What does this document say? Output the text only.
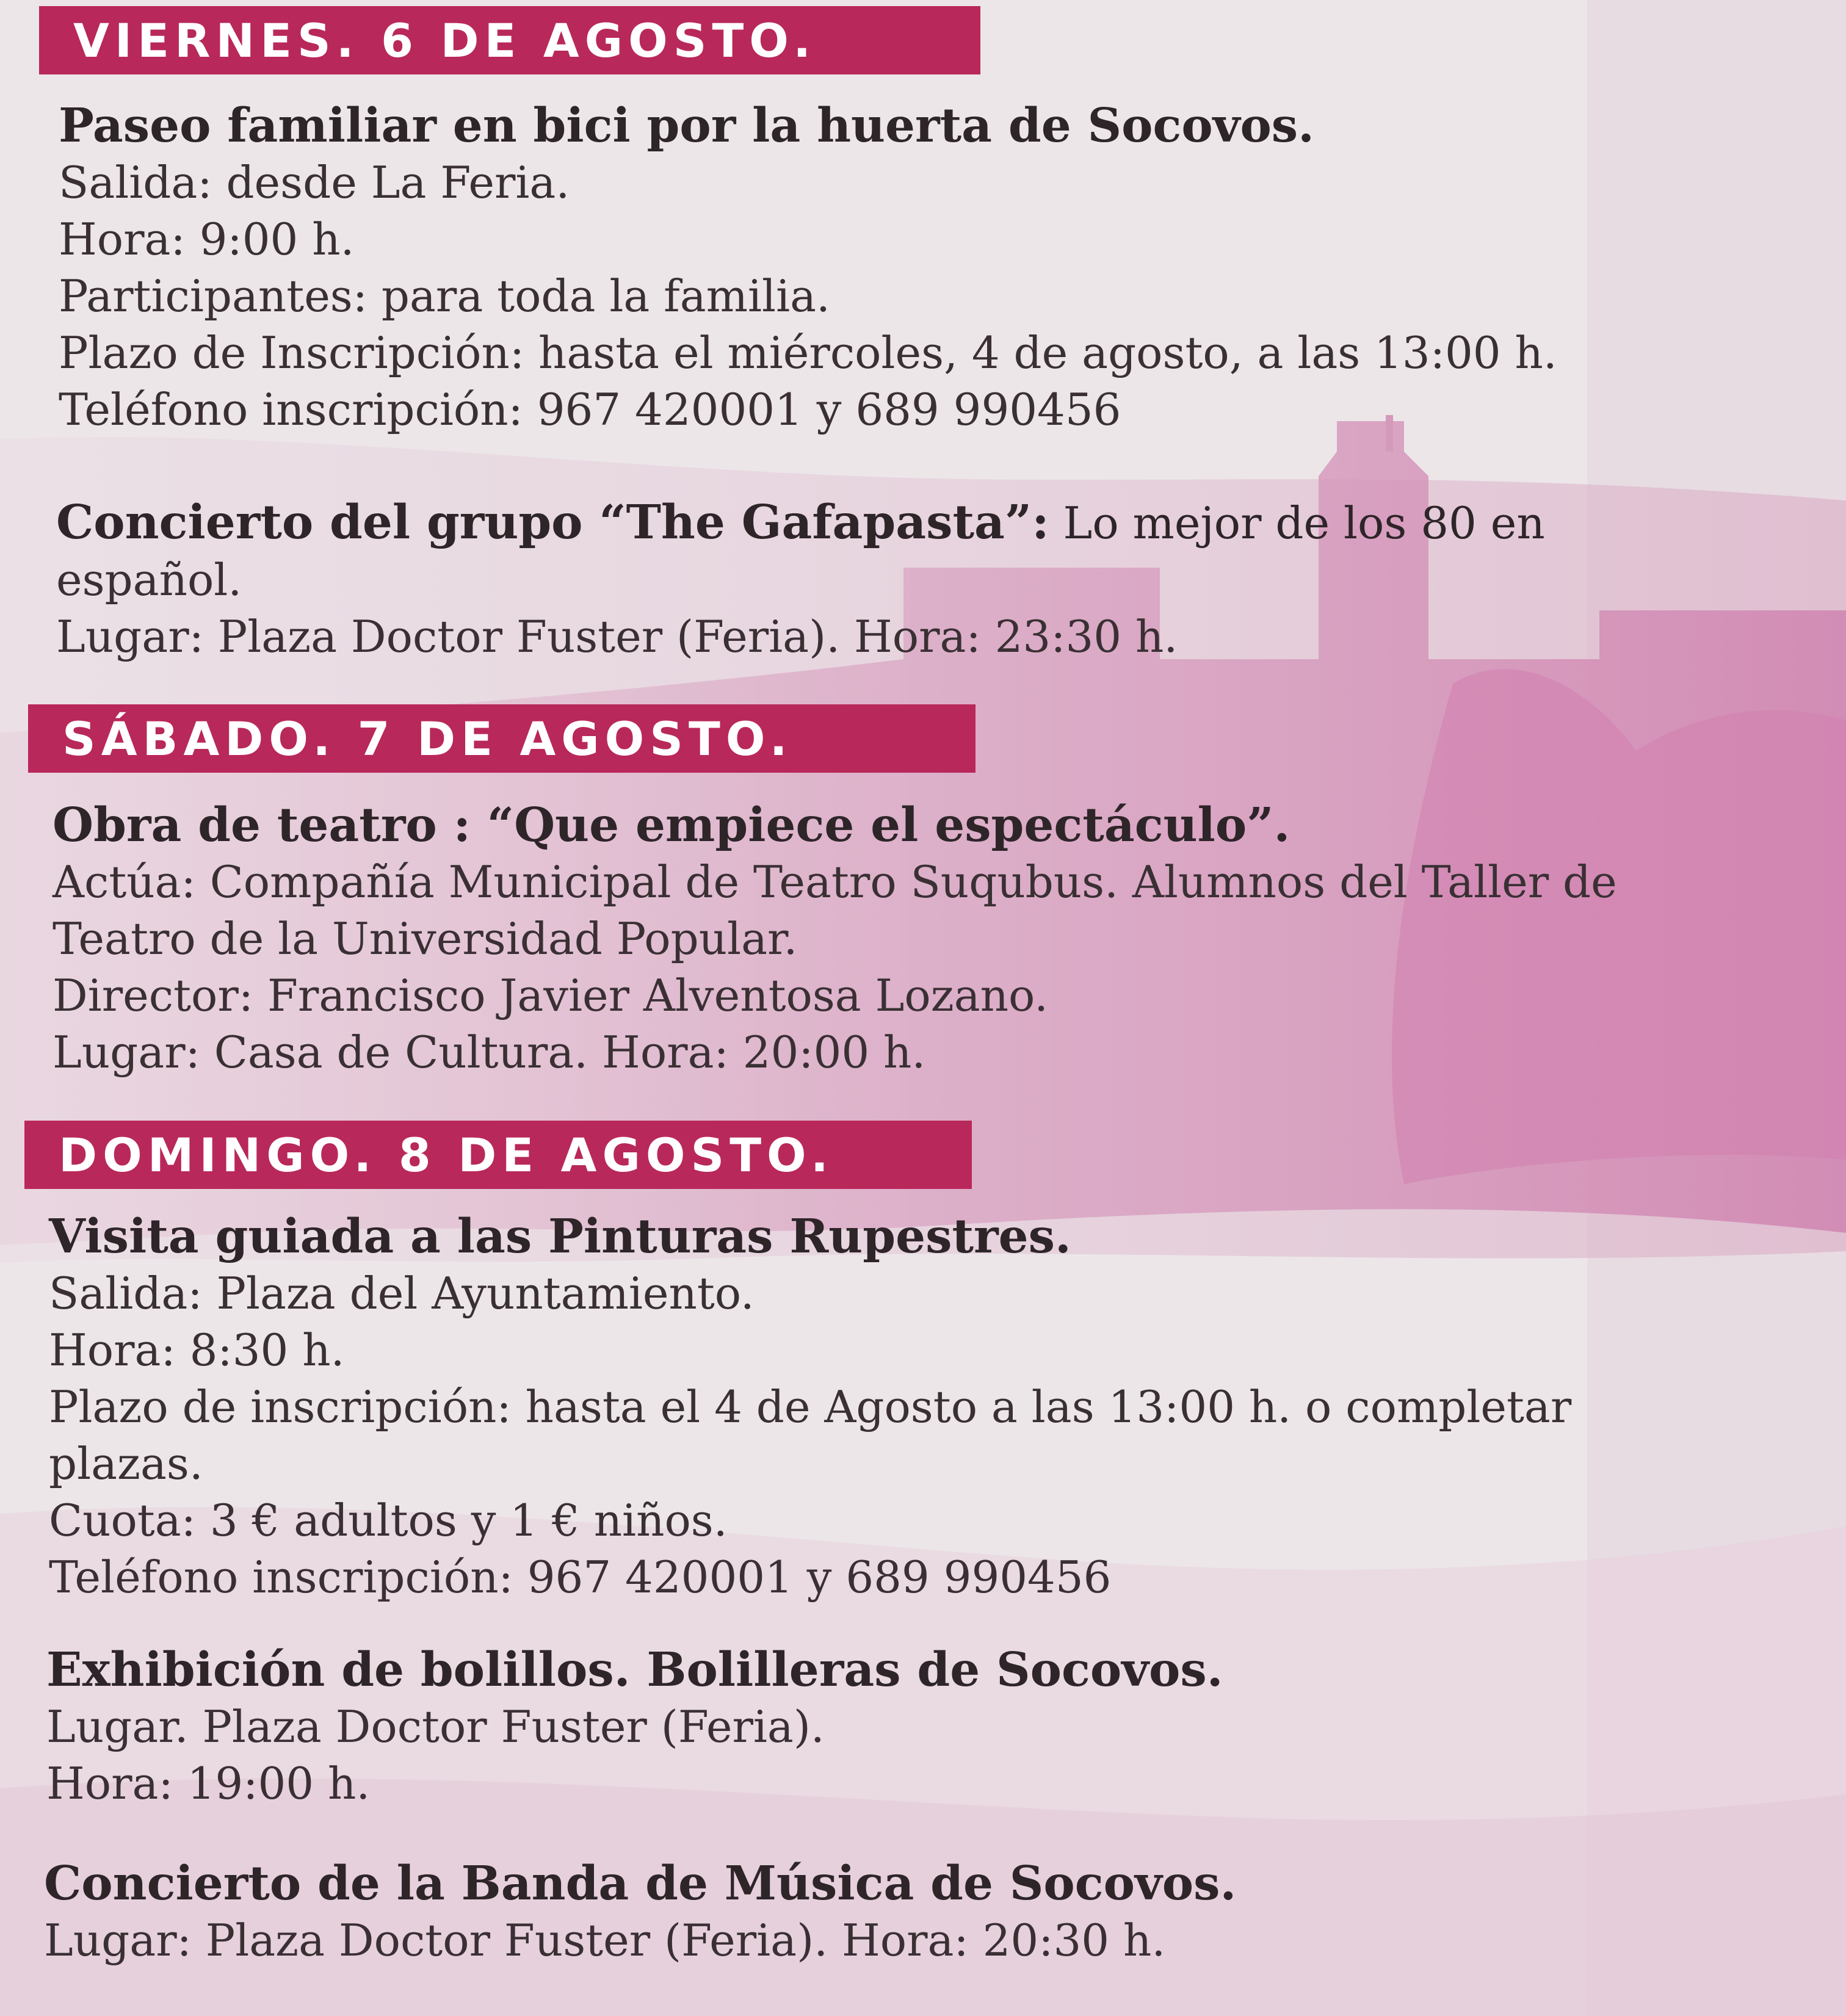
VIERNES. 6 DE AGOSTO.
Paseo familiar en bici por la huerta de Socovos.
Salida: desde La Feria.
Hora: 9:00 h.
Participantes: para toda la familia.
Plazo de Inscripción: hasta el miércoles, 4 de agosto, a las 13:00 h.
Teléfono inscripción: 967 420001 y 689 990456
Concierto del grupo “The Gafapasta”: Lo mejor de los 80 en
español.
Lugar: Plaza Doctor Fuster (Feria). Hora: 23:30 h.
SÁBADO. 7 DE AGOSTO.
Obra de teatro : “Que empiece el espectáculo”.
Actúa: Compañía Municipal de Teatro Suqubus. Alumnos del Taller de
Teatro de la Universidad Popular.
Director: Francisco Javier Alventosa Lozano.
Lugar: Casa de Cultura. Hora: 20:00 h.
DOMINGO. 8 DE AGOSTO.
Visita guiada a las Pinturas Rupestres.
Salida: Plaza del Ayuntamiento.
Hora: 8:30 h.
Plazo de inscripción: hasta el 4 de Agosto a las 13:00 h. o completar
plazas.
Cuota: 3 € adultos y 1 € niños.
Teléfono inscripción: 967 420001 y 689 990456
Exhibición de bolillos. Bolilleras de Socovos.
Lugar. Plaza Doctor Fuster (Feria).
Hora: 19:00 h.
Concierto de la Banda de Música de Socovos.
Lugar: Plaza Doctor Fuster (Feria). Hora: 20:30 h.
